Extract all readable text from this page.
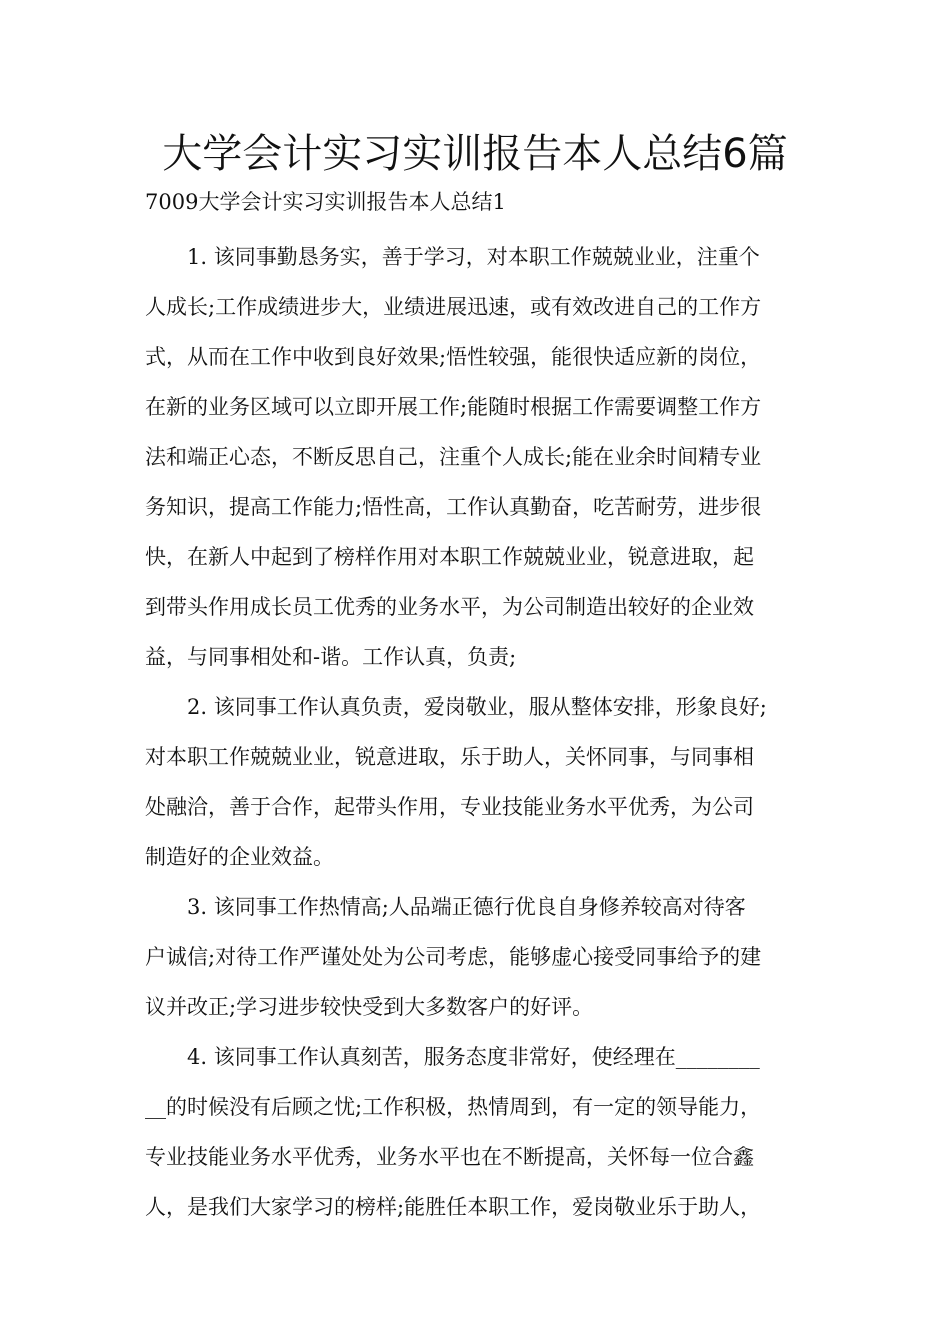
大学会计实习实训报告本人总结6篇

7009大学会计实习实训报告本人总结1

1. 该同事勤恳务实，善于学习，对本职工作兢兢业业，注重个
人成长;工作成绩进步大，业绩进展迅速，或有效改进自己的工作方
式，从而在工作中收到良好效果;悟性较强，能很快适应新的岗位，
在新的业务区域可以立即开展工作;能随时根据工作需要调整工作方
法和端正心态，不断反思自己，注重个人成长;能在业余时间精专业
务知识，提高工作能力;悟性高，工作认真勤奋，吃苦耐劳，进步很
快，在新人中起到了榜样作用对本职工作兢兢业业，锐意进取，起
到带头作用成长员工优秀的业务水平，为公司制造出较好的企业效
益，与同事相处和-谐。工作认真，负责;
2. 该同事工作认真负责，爱岗敬业，服从整体安排，形象良好;
对本职工作兢兢业业，锐意进取，乐于助人，关怀同事，与同事相
处融洽，善于合作，起带头作用，专业技能业务水平优秀，为公司
制造好的企业效益。
3. 该同事工作热情高;人品端正德行优良自身修养较高对待客
户诚信;对待工作严谨处处为公司考虑，能够虚心接受同事给予的建
议并改正;学习进步较快受到大多数客户的好评。
4. 该同事工作认真刻苦，服务态度非常好，使经理在________
__的时候没有后顾之忧;工作积极，热情周到，有一定的领导能力，
专业技能业务水平优秀，业务水平也在不断提高，关怀每一位合鑫
人，是我们大家学习的榜样;能胜任本职工作，爱岗敬业乐于助人，
